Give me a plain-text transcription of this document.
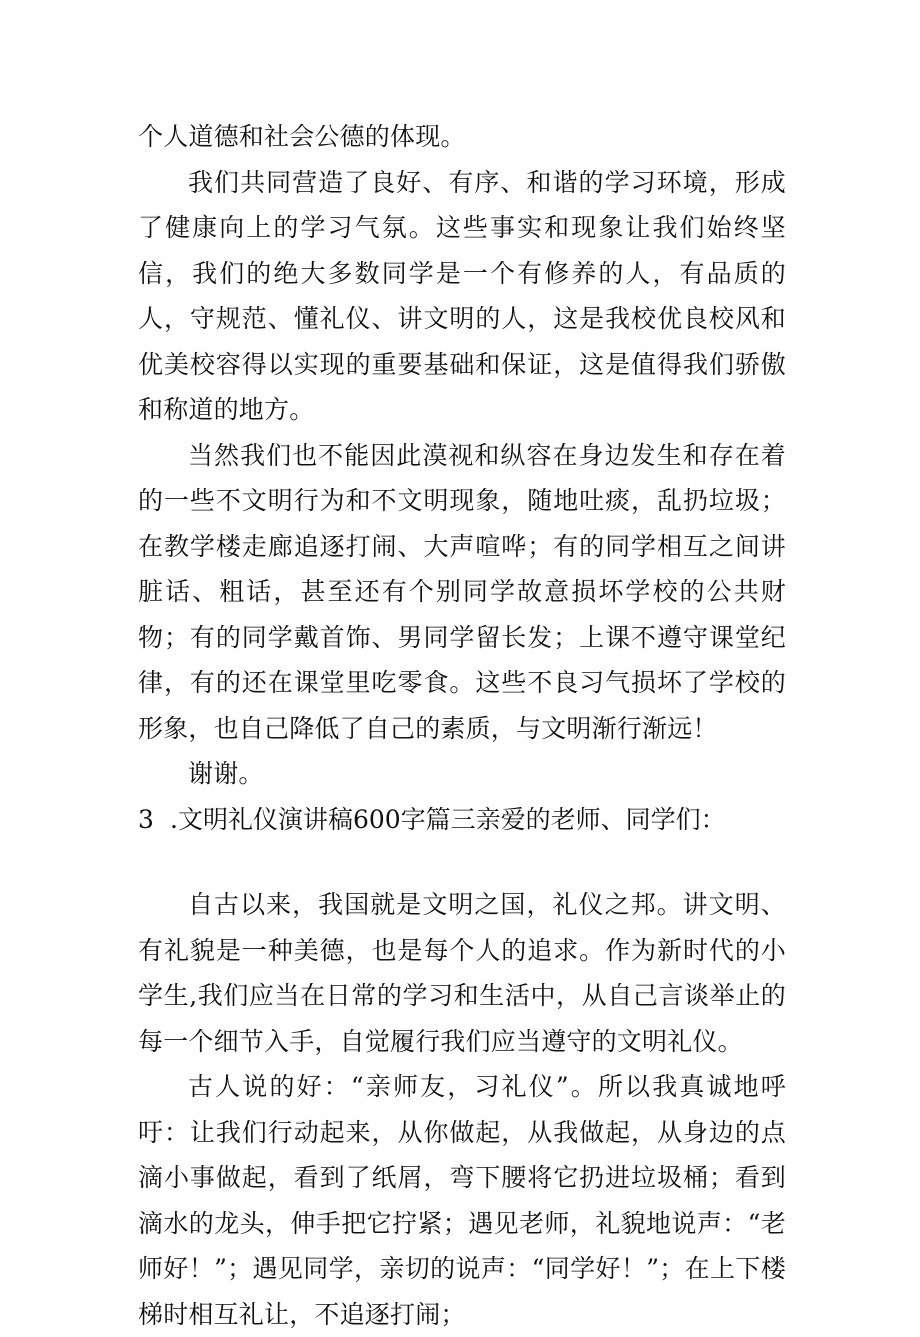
个人道德和社会公德的体现。

我们共同营造了良好、有序、和谐的学习环境，形成了健康向上的学习气氛。这些事实和现象让我们始终坚信，我们的绝大多数同学是一个有修养的人，有品质的人，守规范、懂礼仪、讲文明的人，这是我校优良校风和优美校容得以实现的重要基础和保证，这是值得我们骄傲和称道的地方。

当然我们也不能因此漠视和纵容在身边发生和存在着的一些不文明行为和不文明现象，随地吐痰，乱扔垃圾；在教学楼走廊追逐打闹、大声喧哗；有的同学相互之间讲脏话、粗话，甚至还有个别同学故意损坏学校的公共财物；有的同学戴首饰、男同学留长发；上课不遵守课堂纪律，有的还在课堂里吃零食。这些不良习气损坏了学校的形象，也自己降低了自己的素质，与文明渐行渐远！

谢谢。

3 .文明礼仪演讲稿600字篇三亲爱的老师、同学们：

自古以来，我国就是文明之国，礼仪之邦。讲文明、有礼貌是一种美德，也是每个人的追求。作为新时代的小学生,我们应当在日常的学习和生活中，从自己言谈举止的每一个细节入手，自觉履行我们应当遵守的文明礼仪。

古人说的好：“亲师友，习礼仪”。所以我真诚地呼吁：让我们行动起来，从你做起，从我做起，从身边的点滴小事做起，看到了纸屑，弯下腰将它扔进垃圾桶；看到滴水的龙头，伸手把它拧紧；遇见老师，礼貌地说声：“老师好！”；遇见同学，亲切的说声：“同学好！”；在上下楼梯时相互礼让，不追逐打闹；
